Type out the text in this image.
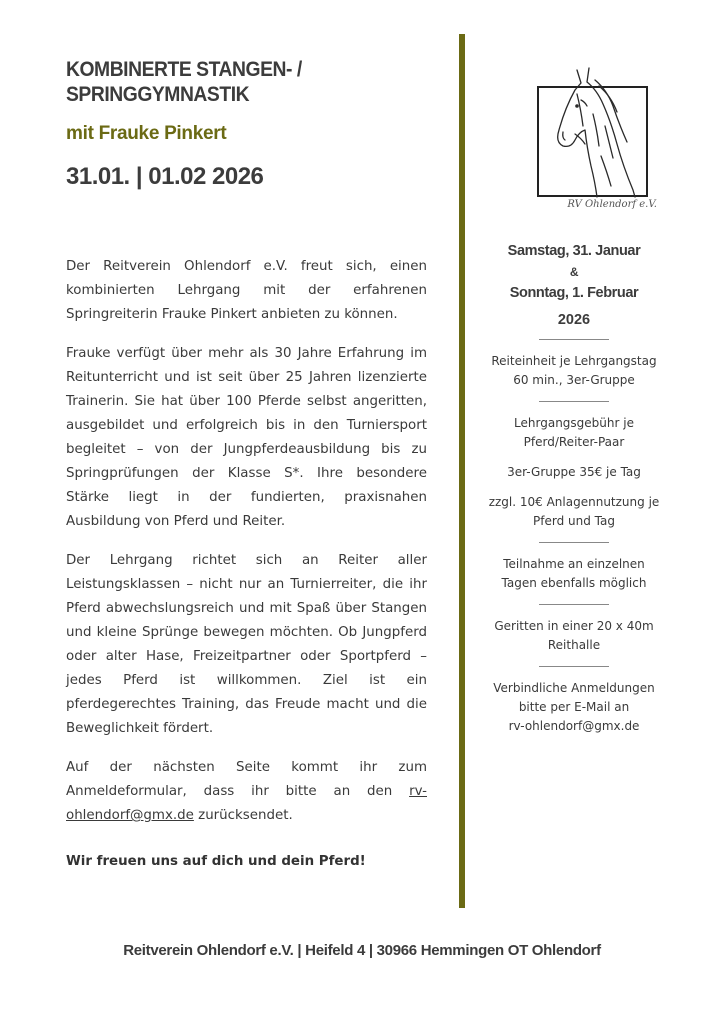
KOMBINERTE STANGEN- /
SPRINGGYMNASTIK
mit Frauke Pinkert
31.01. | 01.02 2026

Der Reitverein Ohlendorf e.V. freut sich, einen kombinierten Lehrgang mit der erfahrenen Springreiterin Frauke Pinkert anbieten zu können.

Frauke verfügt über mehr als 30 Jahre Erfahrung im Reitunterricht und ist seit über 25 Jahren lizenzierte Trainerin. Sie hat über 100 Pferde selbst angeritten, ausgebildet und erfolgreich bis in den Turniersport begleitet – von der Jungpferdeausbildung bis zu Springprüfungen der Klasse S*. Ihre besondere Stärke liegt in der fundierten, praxisnahen Ausbildung von Pferd und Reiter.

Der Lehrgang richtet sich an Reiter aller Leistungsklassen – nicht nur an Turnierreiter, die ihr Pferd abwechslungsreich und mit Spaß über Stangen und kleine Sprünge bewegen möchten. Ob Jungpferd oder alter Hase, Freizeitpartner oder Sportpferd – jedes Pferd ist willkommen. Ziel ist ein pferdegerechtes Training, das Freude macht und die Beweglichkeit fördert.

Auf der nächsten Seite kommt ihr zum Anmeldeformular, dass ihr bitte an den rv-ohlendorf@gmx.de zurücksendet.

Wir freuen uns auf dich und dein Pferd!

RV Ohlendorf e.V.
Samstag, 31. Januar
&
Sonntag, 1. Februar
2026
Reiteinheit je Lehrgangstag
60 min., 3er-Gruppe
Lehrgangsgebühr je
Pferd/Reiter-Paar
3er-Gruppe 35€ je Tag
zzgl. 10€ Anlagennutzung je
Pferd und Tag
Teilnahme an einzelnen
Tagen ebenfalls möglich
Geritten in einer 20 x 40m
Reithalle
Verbindliche Anmeldungen
bitte per E-Mail an
rv-ohlendorf@gmx.de
Reitverein Ohlendorf e.V. | Heifeld 4 | 30966 Hemmingen OT Ohlendorf
